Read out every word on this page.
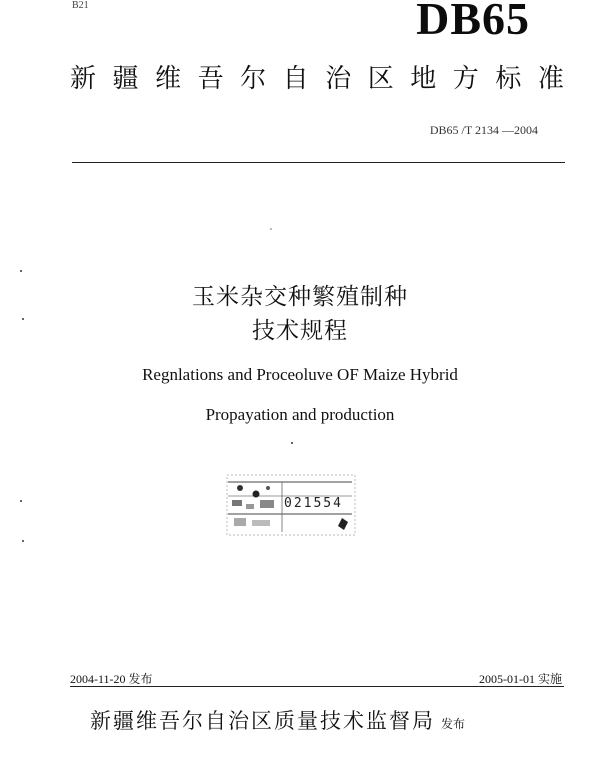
B21	DB65
新 疆 维 吾 尔 自 治 区 地 方 标 准
DB65 /T 2134 —2004
玉米杂交种繁殖制种
技术规程
Regnlations and Proceoluve OF Maize Hybrid
Propayation and production
021554
2004-11-20 发布	2005-01-01 实施
新疆维吾尔自治区质量技术监督局 发布
